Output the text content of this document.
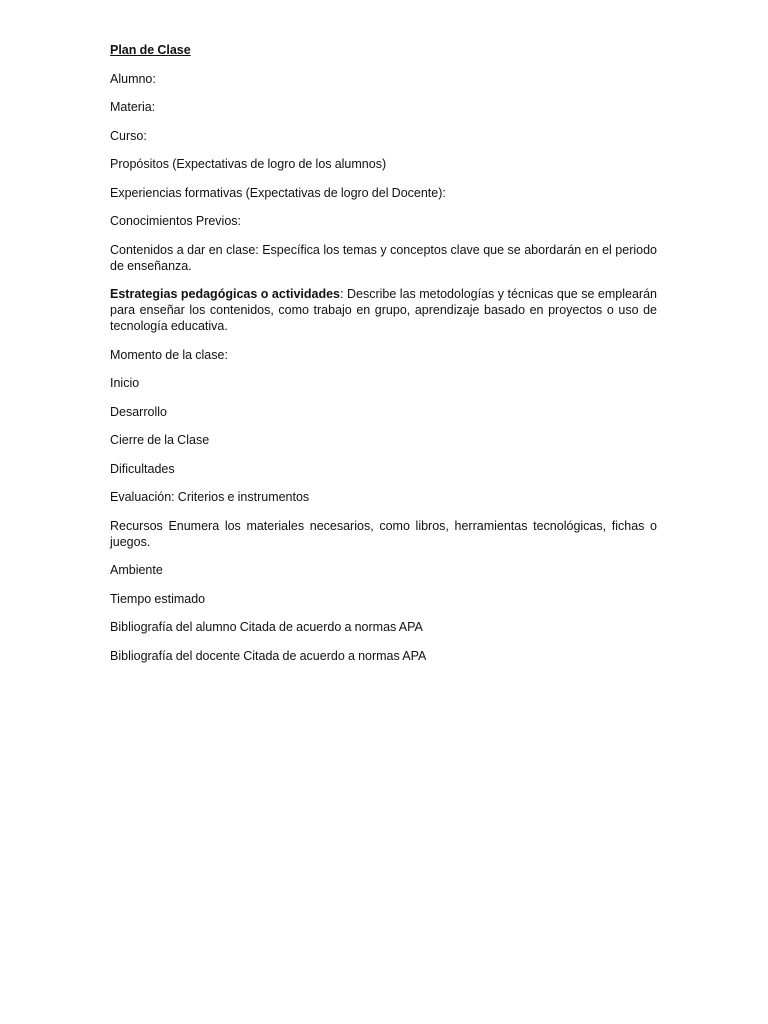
Plan de Clase

Alumno:

Materia:

Curso:

Propósitos (Expectativas de logro de los alumnos)

Experiencias formativas (Expectativas de logro del Docente):

Conocimientos Previos:

Contenidos a dar en clase: Específica los temas y conceptos clave que se abordarán en el periodo de enseñanza.

Estrategias pedagógicas o actividades: Describe las metodologías y técnicas que se emplearán para enseñar los contenidos, como trabajo en grupo, aprendizaje basado en proyectos o uso de tecnología educativa.

Momento de la clase:

Inicio

Desarrollo

Cierre de la Clase

Dificultades

Evaluación: Criterios e instrumentos

Recursos Enumera los materiales necesarios, como libros, herramientas tecnológicas, fichas o juegos.

Ambiente

Tiempo estimado

Bibliografía del alumno Citada de acuerdo a normas APA

Bibliografía del docente Citada de acuerdo a normas APA
